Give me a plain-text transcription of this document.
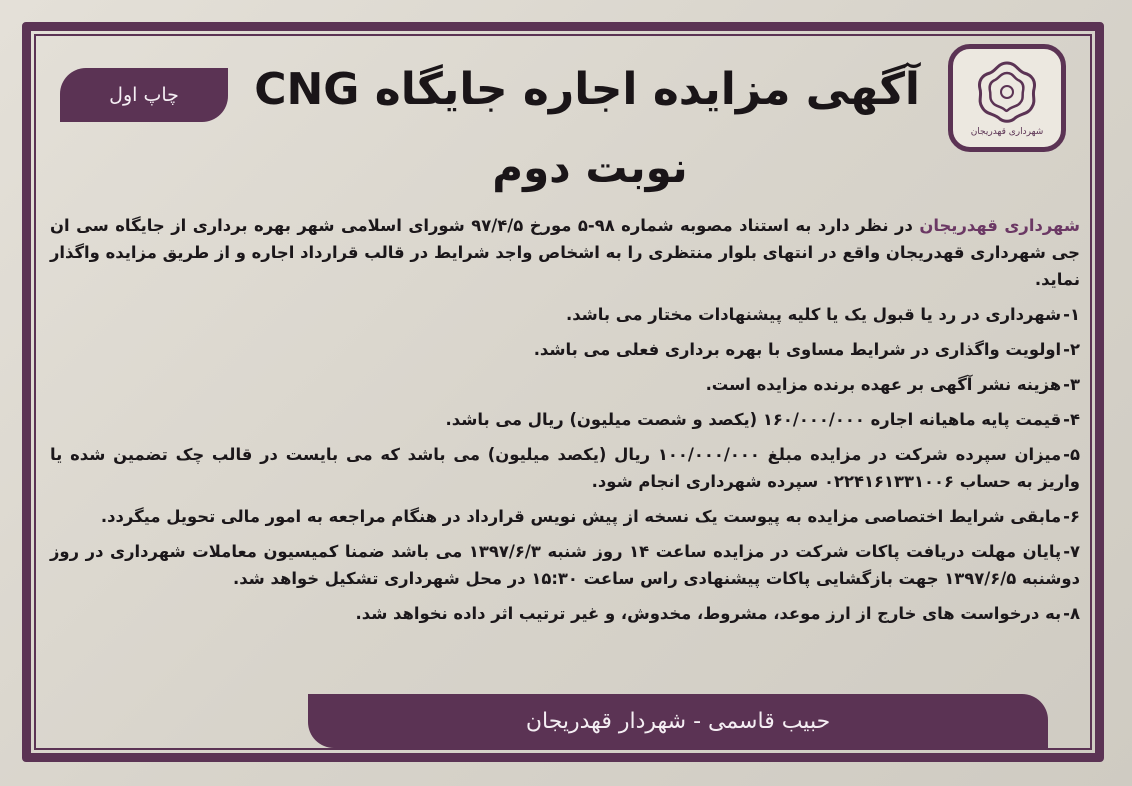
شهرداری قهدریجان
چاپ اول	آگهی مزایده اجاره جایگاه CNG
نوبت دوم

شهرداری قهدریجان در نظر دارد به استناد مصوبه شماره ۹۸-۵ مورخ ۹۷/۴/۵ شورای اسلامی شهر بهره برداری از جایگاه سی ان جی شهرداری قهدریجان واقع در انتهای بلوار منتظری را به اشخاص واجد شرایط در قالب قرارداد اجاره و از طریق مزایده واگذار نماید.

۱-شهرداری در رد یا قبول یک یا کلیه پیشنهادات مختار می باشد.
۲-اولویت واگذاری در شرایط مساوی با بهره برداری فعلی می باشد.
۳-هزینه نشر آگهی بر عهده برنده مزایده است.
۴-قیمت پایه ماهیانه اجاره ۱۶۰/۰۰۰/۰۰۰ (یکصد و شصت میلیون) ریال می باشد.
۵-میزان سپرده شرکت در مزایده مبلغ ۱۰۰/۰۰۰/۰۰۰ ریال (یکصد میلیون) می باشد که می بایست در قالب چک تضمین شده یا واریز به حساب ۰۲۲۴۱۶۱۳۳۱۰۰۶ سپرده شهرداری انجام شود.
۶-مابقی شرایط اختصاصی مزایده به پیوست یک نسخه از پیش نویس قرارداد در هنگام مراجعه به امور مالی تحویل میگردد.
۷-پایان مهلت دریافت پاکات شرکت در مزایده ساعت ۱۴ روز شنبه ۱۳۹۷/۶/۳ می باشد ضمنا کمیسیون معاملات شهرداری در روز دوشنبه ۱۳۹۷/۶/۵ جهت بازگشایی پاکات پیشنهادی راس ساعت ۱۵:۳۰ در محل شهرداری تشکیل خواهد شد.
۸-به درخواست های خارج از ارز موعد، مشروط، مخدوش، و غیر ترتیب اثر داده نخواهد شد.
حبیب قاسمی - شهردار قهدریجان
